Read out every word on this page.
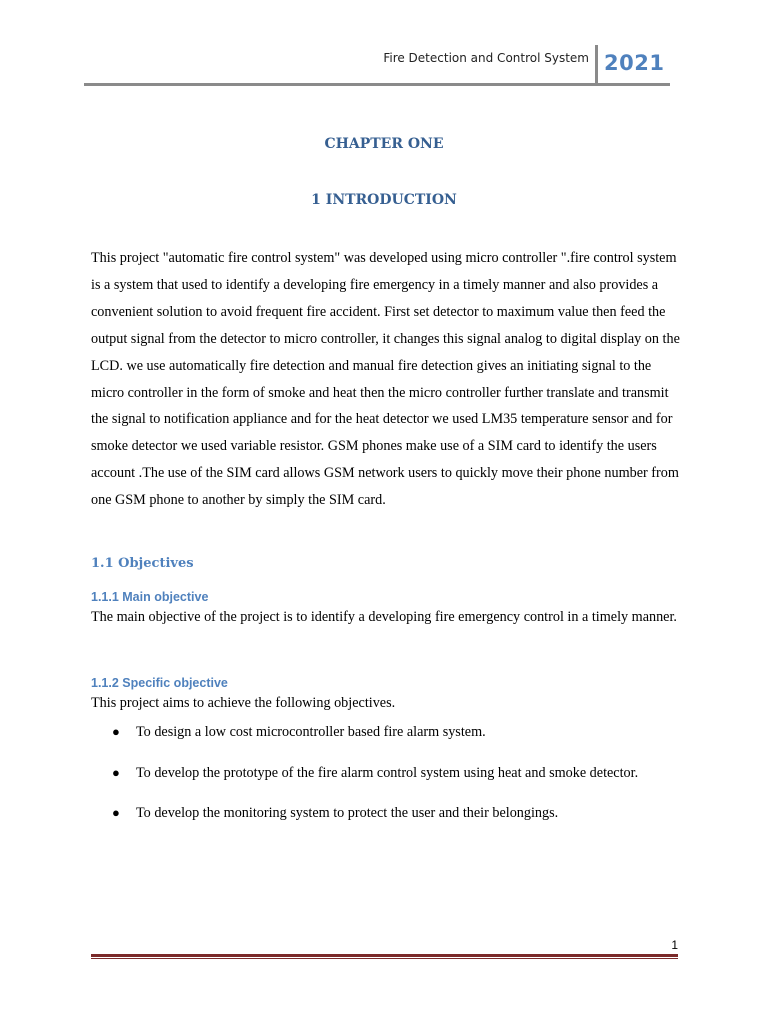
Fire Detection and Control System 2021
CHAPTER ONE
1 INTRODUCTION

This project "automatic fire control system" was developed using micro controller ".fire control system is a system that used to identify a developing fire emergency in a timely manner and also provides a convenient solution to avoid frequent fire accident. First set detector to maximum value then feed the output signal from the detector to micro controller, it changes this signal analog to digital display on the LCD. we use automatically fire detection and manual fire detection gives an initiating signal to the micro controller in the form of smoke and heat then the micro controller further translate and transmit the signal to notification appliance and for the heat detector we used LM35 temperature sensor and for smoke detector we used variable resistor. GSM phones make use of a SIM card to identify the users account .The use of the SIM card allows GSM network users to quickly move their phone number from one GSM phone to another by simply the SIM card.

1.1 Objectives
1.1.1 Main objective

The main objective of the project is to identify a developing fire emergency control in a timely manner.

1.1.2 Specific objective

This project aims to achieve the following objectives.

● To design a low cost microcontroller based fire alarm system.
● To develop the prototype of the fire alarm control system using heat and smoke detector.
● To develop the monitoring system to protect the user and their belongings.
1
